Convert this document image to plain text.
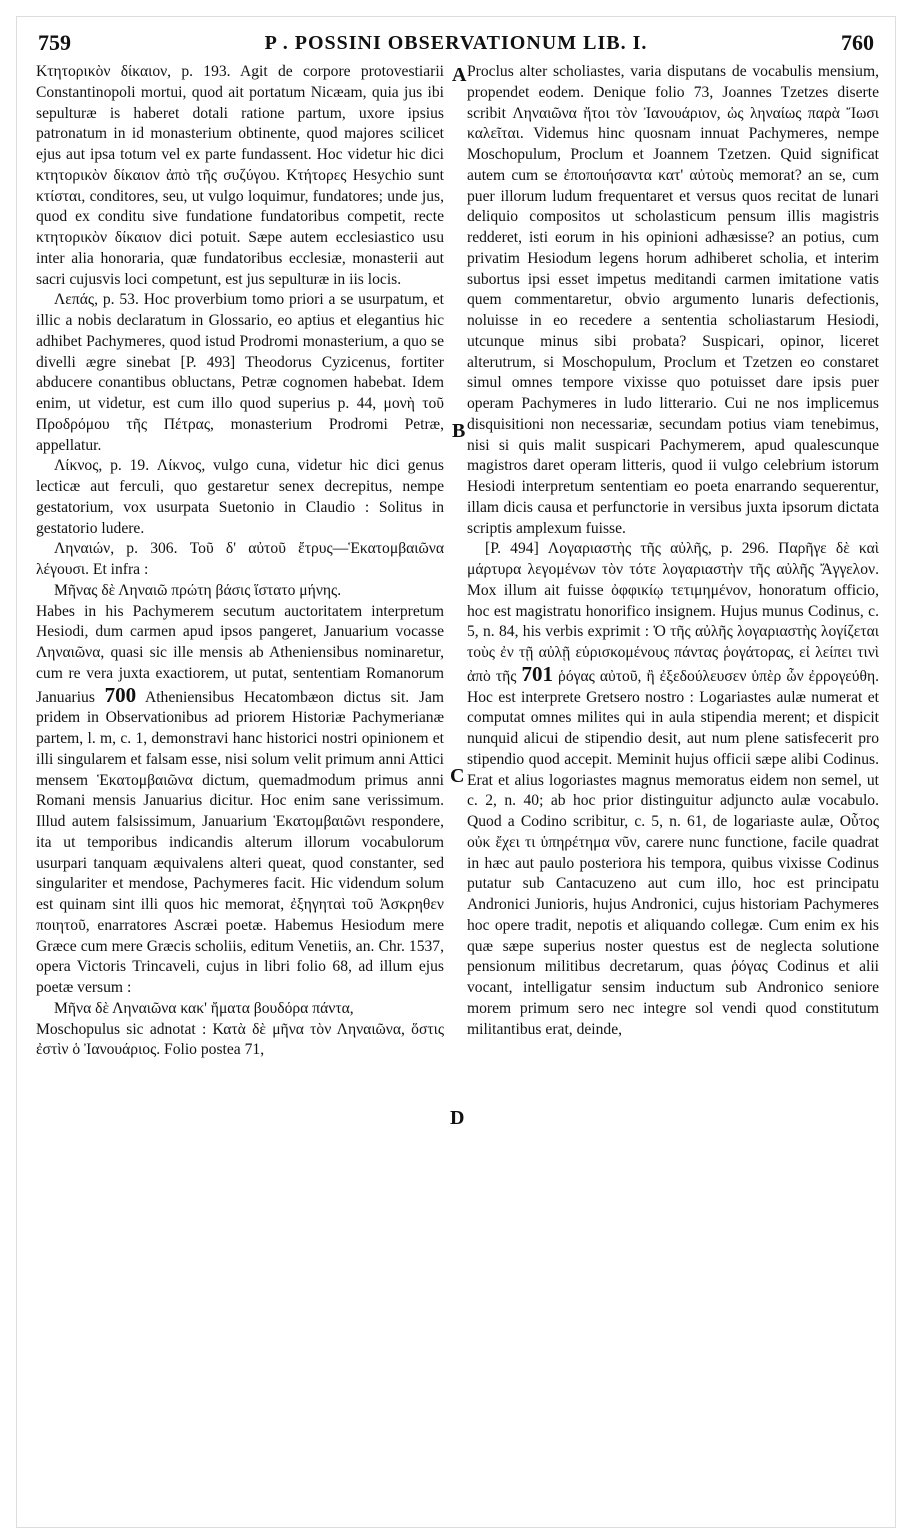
759	P . POSSINI OBSERVATIONUM LIB. I.	760
A
B
C
D

Κτητορικὸν δίκαιον, p. 193. Agit de corpore protovestiarii Constantinopoli mortui, quod ait portatum Nicæam, quia jus ibi sepulturæ is haberet dotali ratione partum, uxore ipsius patronatum in id monasterium obtinente, quod majores scilicet ejus aut ipsa totum vel ex parte fundassent. Hoc videtur hic dici κτητορικὸν δίκαιον ἀπὸ τῆς συζύγου. Κτήτορες Hesychio sunt κτίσται, conditores, seu, ut vulgo loquimur, fundatores; unde jus, quod ex conditu sive fundatione fundatoribus competit, recte κτητορικὸν δίκαιον dici potuit. Sæpe autem ecclesiastico usu inter alia honoraria, quæ fundatoribus ecclesiæ, monasterii aut sacri cujusvis loci competunt, est jus sepulturæ in iis locis.

Λεπάς, p. 53. Hoc proverbium tomo priori a se usurpatum, et illic a nobis declaratum in Glossario, eo aptius et elegantius hic adhibet Pachymeres, quod istud Prodromi monasterium, a quo se divelli ægre sinebat [P. 493] Theodorus Cyzicenus, fortiter abducere conantibus obluctans, Petræ cognomen habebat. Idem enim, ut videtur, est cum illo quod superius p. 44, μονὴ τοῦ Προδρόμου τῆς Πέτρας, monasterium Prodromi Petræ, appellatur.

Λίκνος, p. 19. Λίκνος, vulgo cuna, videtur hic dici genus lecticæ aut ferculi, quo gestaretur senex decrepitus, nempe gestatorium, vox usurpata Suetonio in Claudio : Solitus in gestatorio ludere.

Ληναιών, p. 306. Τοῦ δ' αὐτοῦ ἔτρυς—Ἑκατομβαιῶνα λέγουσι. Et infra :

Μῆνας δὲ Ληναιῶ πρώτη βάσις ἵστατο μήνης.

Habes in his Pachymerem secutum auctoritatem interpretum Hesiodi, dum carmen apud ipsos pangeret, Januarium vocasse Ληναιῶνα, quasi sic ille mensis ab Atheniensibus nominaretur, cum re vera juxta exactiorem, ut putat, sententiam Romanorum Januarius 700 Atheniensibus Hecatombæon dictus sit. Jam pridem in Observationibus ad priorem Historiæ Pachymerianæ partem, l. m, c. 1, demonstravi hanc historici nostri opinionem et illi singularem et falsam esse, nisi solum velit primum anni Attici mensem Ἑκατομβαιῶνα dictum, quemadmodum primus anni Romani mensis Januarius dicitur. Hoc enim sane verissimum. Illud autem falsissimum, Januarium Ἑκατομβαιῶνι respondere, ita ut temporibus indicandis alterum illorum vocabulorum usurpari tanquam æquivalens alteri queat, quod constanter, sed singulariter et mendose, Pachymeres facit. Hic videndum solum est quinam sint illi quos hic memorat, ἐξηγηταὶ τοῦ Ἀσκρηθεν ποιητοῦ, enarratores Ascræi poetæ. Habemus Hesiodum mere Græce cum mere Græcis scholiis, editum Venetiis, an. Chr. 1537, opera Victoris Trincaveli, cujus in libri folio 68, ad illum ejus poetæ versum :

Μῆνα δὲ Ληναιῶνα κακ' ἤματα βουδόρα πάντα,

Moschopulus sic adnotat : Κατὰ δὲ μῆνα τὸν Ληναιῶνα, ὅστις ἐστὶν ὁ Ἰανουάριος. Folio postea 71,

Proclus alter scholiastes, varia disputans de vocabulis mensium, propendet eodem. Denique folio 73, Joannes Tzetzes diserte scribit Ληναιῶνα ἤτοι τὸν Ἰανουάριον, ὡς ληναίως παρὰ Ἴωσι καλεῖται. Videmus hinc quosnam innuat Pachymeres, nempe Moschopulum, Proclum et Joannem Tzetzen. Quid significat autem cum se ἐποποιήσαντα κατ' αὐτοὺς memorat? an se, cum puer illorum ludum frequentaret et versus quos recitat de lunari deliquio compositos ut scholasticum pensum illis magistris redderet, isti eorum in his opinioni adhæsisse? an potius, cum privatim Hesiodum legens horum adhiberet scholia, et interim subortus ipsi esset impetus meditandi carmen imitatione vatis quem commentaretur, obvio argumento lunaris defectionis, noluisse in eo recedere a sententia scholiastarum Hesiodi, utcunque minus sibi probata? Suspicari, opinor, liceret alterutrum, si Moschopulum, Proclum et Tzetzen eo constaret simul omnes tempore vixisse quo potuisset dare ipsis puer operam Pachymeres in ludo litterario. Cui ne nos implicemus disquisitioni non necessariæ, secundam potius viam tenebimus, nisi si quis malit suspicari Pachymerem, apud qualescunque magistros daret operam litteris, quod ii vulgo celebrium istorum Hesiodi interpretum sententiam eo poeta enarrando sequerentur, illam dicis causa et perfunctorie in versibus juxta ipsorum dictata scriptis amplexum fuisse.

[P. 494] Λογαριαστὴς τῆς αὐλῆς, p. 296. Παρῆγε δὲ καὶ μάρτυρα λεγομένων τὸν τότε λογαριαστὴν τῆς αὐλῆς Ἄγγελον. Mox illum ait fuisse ὀφφικίῳ τετιμημένον, honoratum officio, hoc est magistratu honorifico insignem. Hujus munus Codinus, c. 5, n. 84, his verbis exprimit : Ὁ τῆς αὐλῆς λογαριαστὴς λογίζεται τοὺς ἐν τῇ αὐλῇ εὑρισκομένους πάντας ῥογάτορας, εἰ λείπει τινὶ ἀπὸ τῆς 701 ῥόγας αὐτοῦ, ἢ ἐξεδούλευσεν ὑπὲρ ὧν ἐρρογεύθη. Hoc est interprete Gretsero nostro : Logariastes aulæ numerat et computat omnes milites qui in aula stipendia merent; et dispicit nunquid alicui de stipendio desit, aut num plene satisfecerit pro stipendio quod accepit. Meminit hujus officii sæpe alibi Codinus. Erat et alius logoriastes magnus memoratus eidem non semel, ut c. 2, n. 40; ab hoc prior distinguitur adjuncto aulæ vocabulo. Quod a Codino scribitur, c. 5, n. 61, de logariaste aulæ, Οὗτος οὐκ ἔχει τι ὑπηρέτημα νῦν, carere nunc functione, facile quadrat in hæc aut paulo posteriora his tempora, quibus vixisse Codinus putatur sub Cantacuzeno aut cum illo, hoc est principatu Andronici Junioris, hujus Andronici, cujus historiam Pachymeres hoc opere tradit, nepotis et aliquando collegæ. Cum enim ex his quæ sæpe superius noster questus est de neglecta solutione pensionum militibus decretarum, quas ῥόγας Codinus et alii vocant, intelligatur sensim inductum sub Andronico seniore morem primum sero nec integre sol vendi quod constitutum militantibus erat, deinde,
